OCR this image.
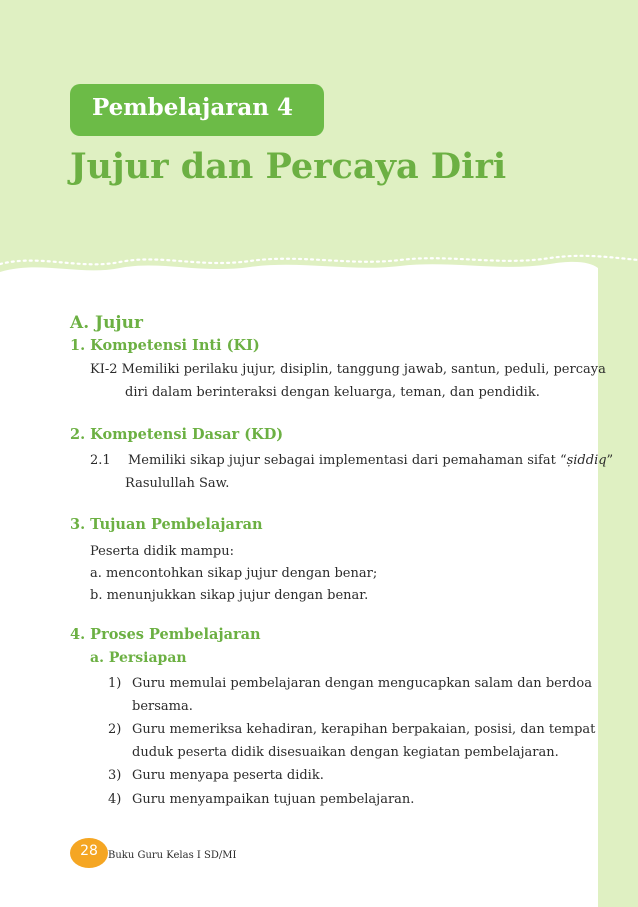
Pembelajaran 4
Jujur dan Percaya Diri
A. Jujur
1. Kompetensi Inti (KI)
KI-2 Memiliki perilaku jujur, disiplin, tanggung jawab, santun, peduli, percaya
diri dalam berinteraksi dengan keluarga, teman, dan pendidik.
2. Kompetensi Dasar (KD)
2.1 Memiliki sikap jujur sebagai implementasi dari pemahaman sifat “ṣiddiq”
Rasulullah Saw.
3. Tujuan Pembelajaran
Peserta didik mampu:
a. mencontohkan sikap jujur dengan benar;
b. menunjukkan sikap jujur dengan benar.
4. Proses Pembelajaran
a. Persiapan
1) Guru memulai pembelajaran dengan mengucapkan salam dan berdoa
bersama.
2) Guru memeriksa kehadiran, kerapihan berpakaian, posisi, dan tempat
duduk peserta didik disesuaikan dengan kegiatan pembelajaran.
3) Guru menyapa peserta didik.
4) Guru menyampaikan tujuan pembelajaran.
28	Buku Guru Kelas I SD/MI
